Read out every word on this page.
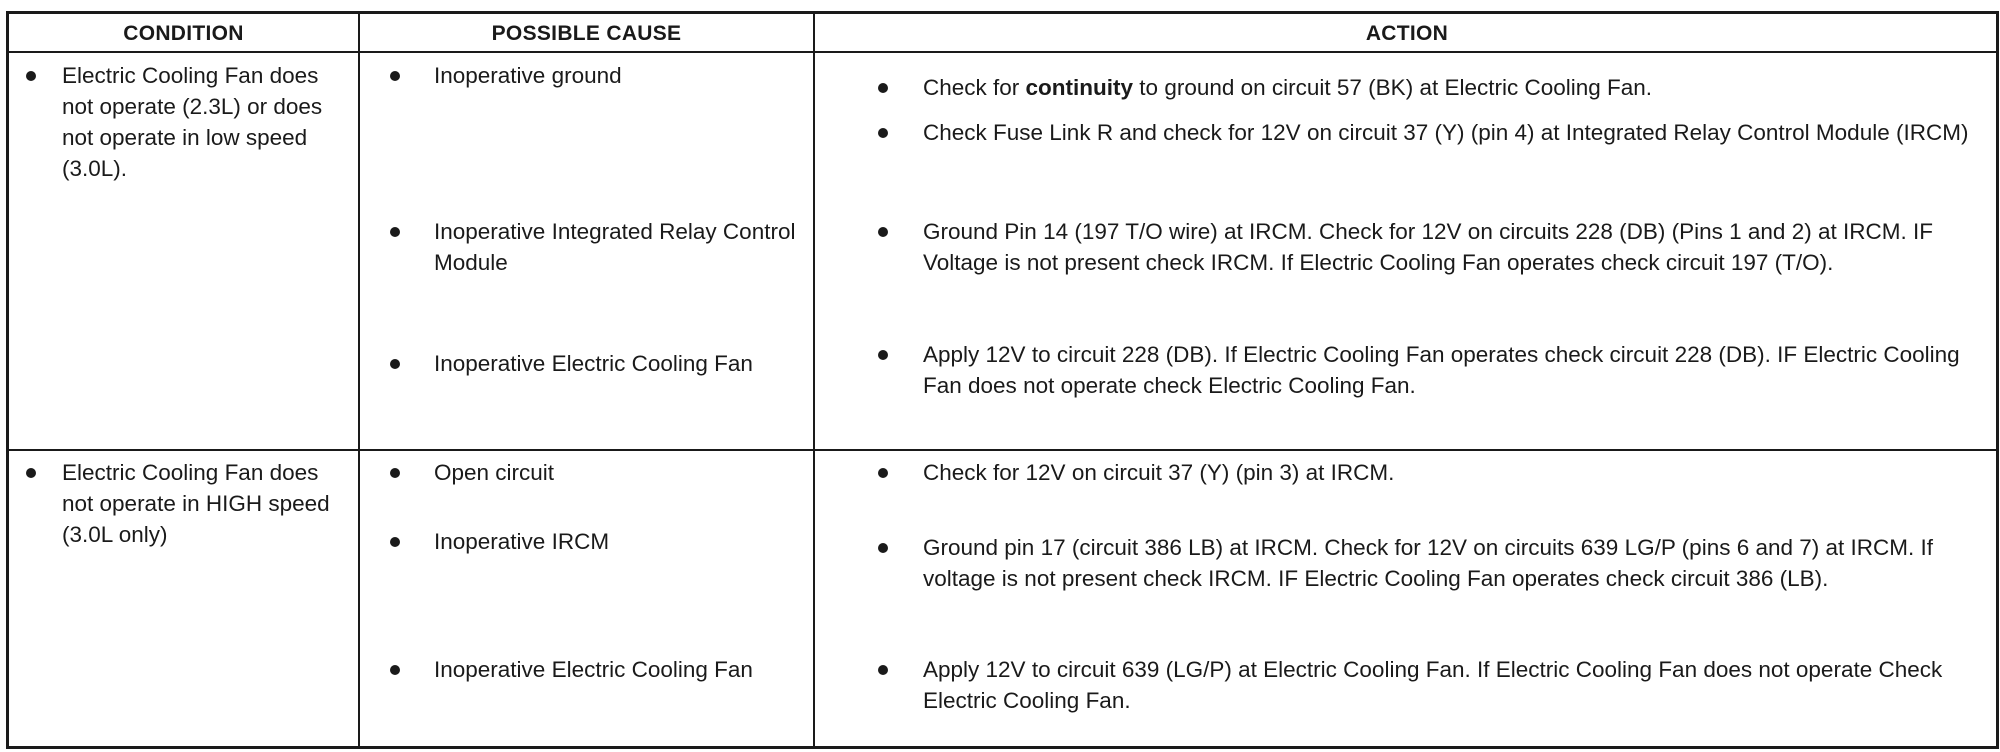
CONDITION	POSSIBLE CAUSE	ACTION
Electric Cooling Fan does not operate (2.3L) or does not operate in low speed (3.0L).
Inoperative ground
Inoperative Integrated Relay Control Module
Inoperative Electric Cooling Fan
Check for continuity to ground on circuit 57 (BK) at Electric Cooling Fan.
Check Fuse Link R and check for 12V on circuit 37 (Y) (pin 4) at Integrated Relay Control Module (IRCM)
Ground Pin 14 (197 T/O wire) at IRCM. Check for 12V on circuits 228 (DB) (Pins 1 and 2) at IRCM. IF Voltage is not present check IRCM. If Electric Cooling Fan operates check circuit 197 (T/O).
Apply 12V to circuit 228 (DB). If Electric Cooling Fan operates check circuit 228 (DB). IF Electric Cooling Fan does not operate check Electric Cooling Fan.
Electric Cooling Fan does not operate in HIGH speed (3.0L only)
Open circuit
Inoperative IRCM
Inoperative Electric Cooling Fan
Check for 12V on circuit 37 (Y) (pin 3) at IRCM.
Ground pin 17 (circuit 386 LB) at IRCM. Check for 12V on circuits 639 LG/P (pins 6 and 7) at IRCM. If voltage is not present check IRCM. IF Electric Cooling Fan operates check circuit 386 (LB).
Apply 12V to circuit 639 (LG/P) at Electric Cooling Fan. If Electric Cooling Fan does not operate Check Electric Cooling Fan.
